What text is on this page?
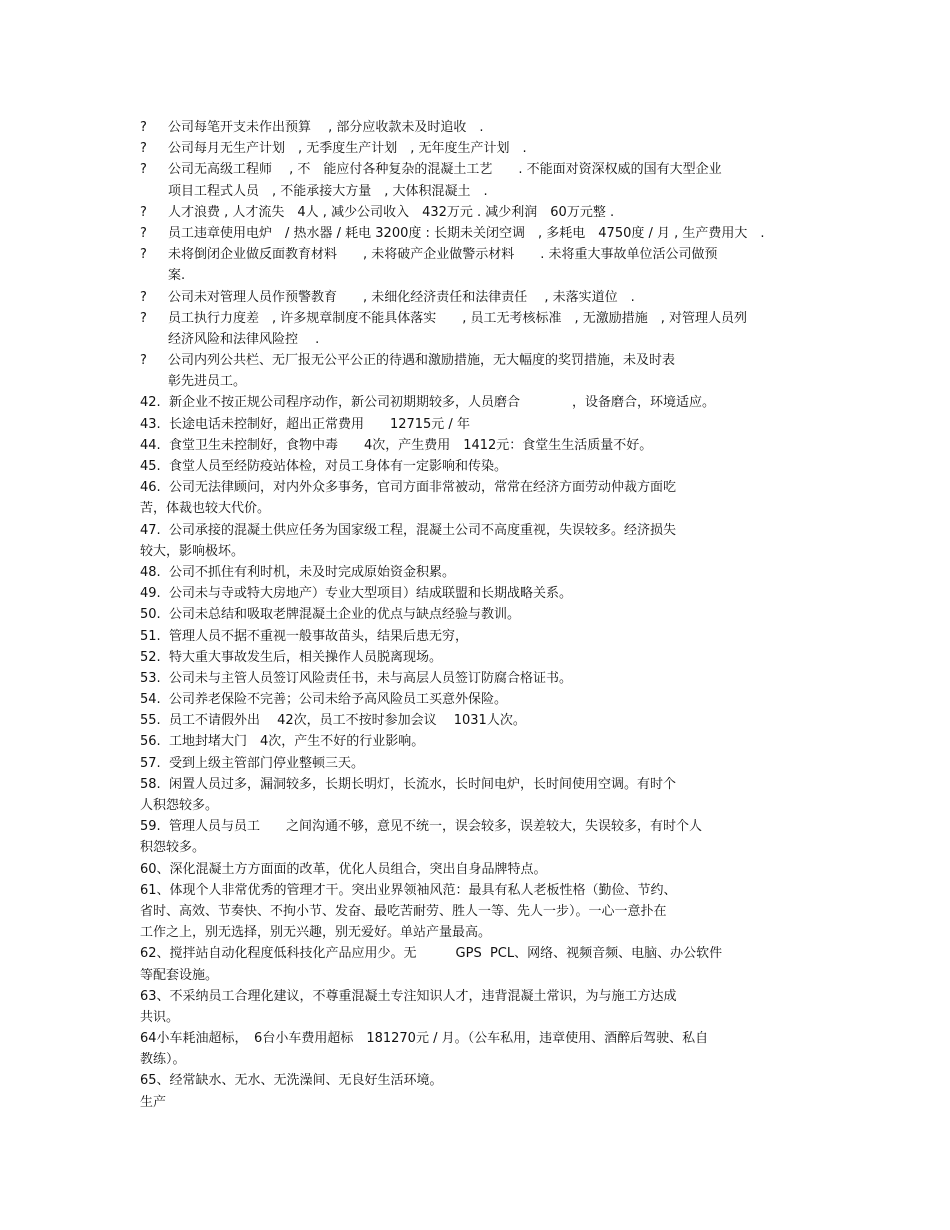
? 公司每笔开支未作出预算　 , 部分应收款未及时追收　.
? 公司每月无生产计划　, 无季度生产计划　, 无年度生产计划　.
? 公司无高级工程师　 , 不　能应付各种复杂的混凝土工艺　　. 不能面对资深权威的国有大型企业
项目工程式人员　, 不能承接大方量　, 大体积混凝土　.
? 人才浪费 , 人才流失　4人 , 减少公司收入　432万元 . 减少利润　60万元整 .
? 员工违章使用电炉　/ 热水器 / 耗电 3200度 : 长期未关闭空调　, 多耗电　4750度 / 月 , 生产费用大　.
? 未将倒闭企业做反面教育材料　　, 未将破产企业做警示材料　　. 未将重大事故单位活公司做预
案.
? 公司未对管理人员作预警教育　　, 未细化经济责任和法律责任　 , 未落实道位　.
? 员工执行力度差　, 许多规章制度不能具体落实　　, 员工无考核标准　, 无激励措施　, 对管理人员列
经济风险和法律风险控　 .
? 公司内列公共栏、无厂报无公平公正的待遇和激励措施，无大幅度的奖罚措施，未及时表
彰先进员工。
42.  新企业不按正规公司程序动作，新公司初期期较多，人员磨合　　　　，设备磨合，环境适应。
43.  长途电话未控制好，超出正常费用　　12715元 / 年
44.  食堂卫生未控制好，食物中毒　　4次，产生费用　1412元：食堂生生活质量不好。
45.  食堂人员至经防疫站体检，对员工身体有一定影响和传染。
46.  公司无法律顾问，对内外众多事务，官司方面非常被动，常常在经济方面劳动仲裁方面吃
苦，体裁也较大代价。
47.  公司承接的混凝土供应任务为国家级工程，混凝土公司不高度重视，失误较多。经济损失
较大，影响极坏。
48.  公司不抓住有利时机，未及时完成原始资金积累。
49.  公司未与寺或特大房地产）专业大型项目）结成联盟和长期战略关系。
50.  公司未总结和吸取老牌混凝土企业的优点与缺点经验与教训。
51.  管理人员不据不重视一般事故苗头，结果后患无穷，
52.  特大重大事故发生后，相关操作人员脱离现场。
53.  公司未与主管人员签订风险责任书，未与高层人员签订防腐合格证书。
54.  公司养老保险不完善；公司未给予高风险员工买意外保险。
55.  员工不请假外出　 42次，员工不按时参加会议　 1031人次。
56.  工地封堵大门　4次，产生不好的行业影响。
57.  受到上级主管部门停业整顿三天。
58.  闲置人员过多，漏洞较多，长期长明灯，长流水，长时间电炉，长时间使用空调。有时个
人积怨较多。
59.  管理人员与员工　　之间沟通不够，意见不统一，误会较多，误差较大，失误较多，有时个人
积怨较多。
60、深化混凝土方方面面的改革，优化人员组合，突出自身品牌特点。
61、体现个人非常优秀的管理才干。突出业界领袖风范：最具有私人老板性格（勤俭、节约、
省时、高效、节奏快、不拘小节、发奋、最吃苦耐劳、胜人一等、先人一步）。一心一意扑在
工作之上，别无选择，别无兴趣，别无爱好。单站产量最高。
62、搅拌站自动化程度低科技化产品应用少。无　　　GPS  PCL、网络、视频音频、电脑、办公软件
等配套设施。
63、不采纳员工合理化建议，不尊重混凝土专注知识人才，违背混凝土常识，为与施工方达成
共识。
64小车耗油超标，　6台小车费用超标　181270元 / 月。（公车私用，违章使用、酒醉后驾驶、私自
教练）。
65、经常缺水、无水、无洗澡间、无良好生活环境。
生产
